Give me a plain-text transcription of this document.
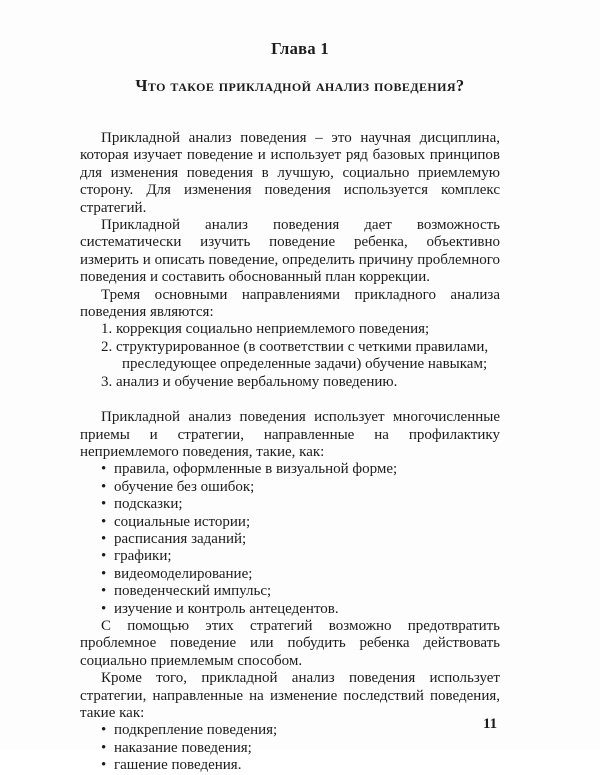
Глава 1
Что такое прикладной анализ поведения?

Прикладной анализ поведения – это научная дисциплина, которая изучает поведение и использует ряд базовых принципов для изменения поведения в лучшую, социально приемлемую сторону. Для изменения поведения используется комплекс стратегий.

Прикладной анализ поведения дает возможность систематически изучить поведение ребенка, объективно измерить и описать поведение, определить причину проблемного поведения и составить обоснованный план коррекции.

Тремя основными направлениями прикладного анализа поведения являются:

1. коррекция социально неприемлемого поведения;

2. структурированное (в соответствии с четкими правилами, преследующее определенные задачи) обучение навыкам;

3. анализ и обучение вербальному поведению.

Прикладной анализ поведения использует многочисленные приемы и стратегии, направленные на профилактику неприемлемого поведения, такие, как:

• правила, оформленные в визуальной форме;

• обучение без ошибок;

• подсказки;

• социальные истории;

• расписания заданий;

• графики;

• видеомоделирование;

• поведенческий импульс;

• изучение и контроль антецедентов.

С помощью этих стратегий возможно предотвратить проблемное поведение или побудить ребенка действовать социально приемлемым способом.

Кроме того, прикладной анализ поведения использует стратегии, направленные на изменение последствий поведения, такие как:

• подкрепление поведения;

• наказание поведения;

• гашение поведения.

11
